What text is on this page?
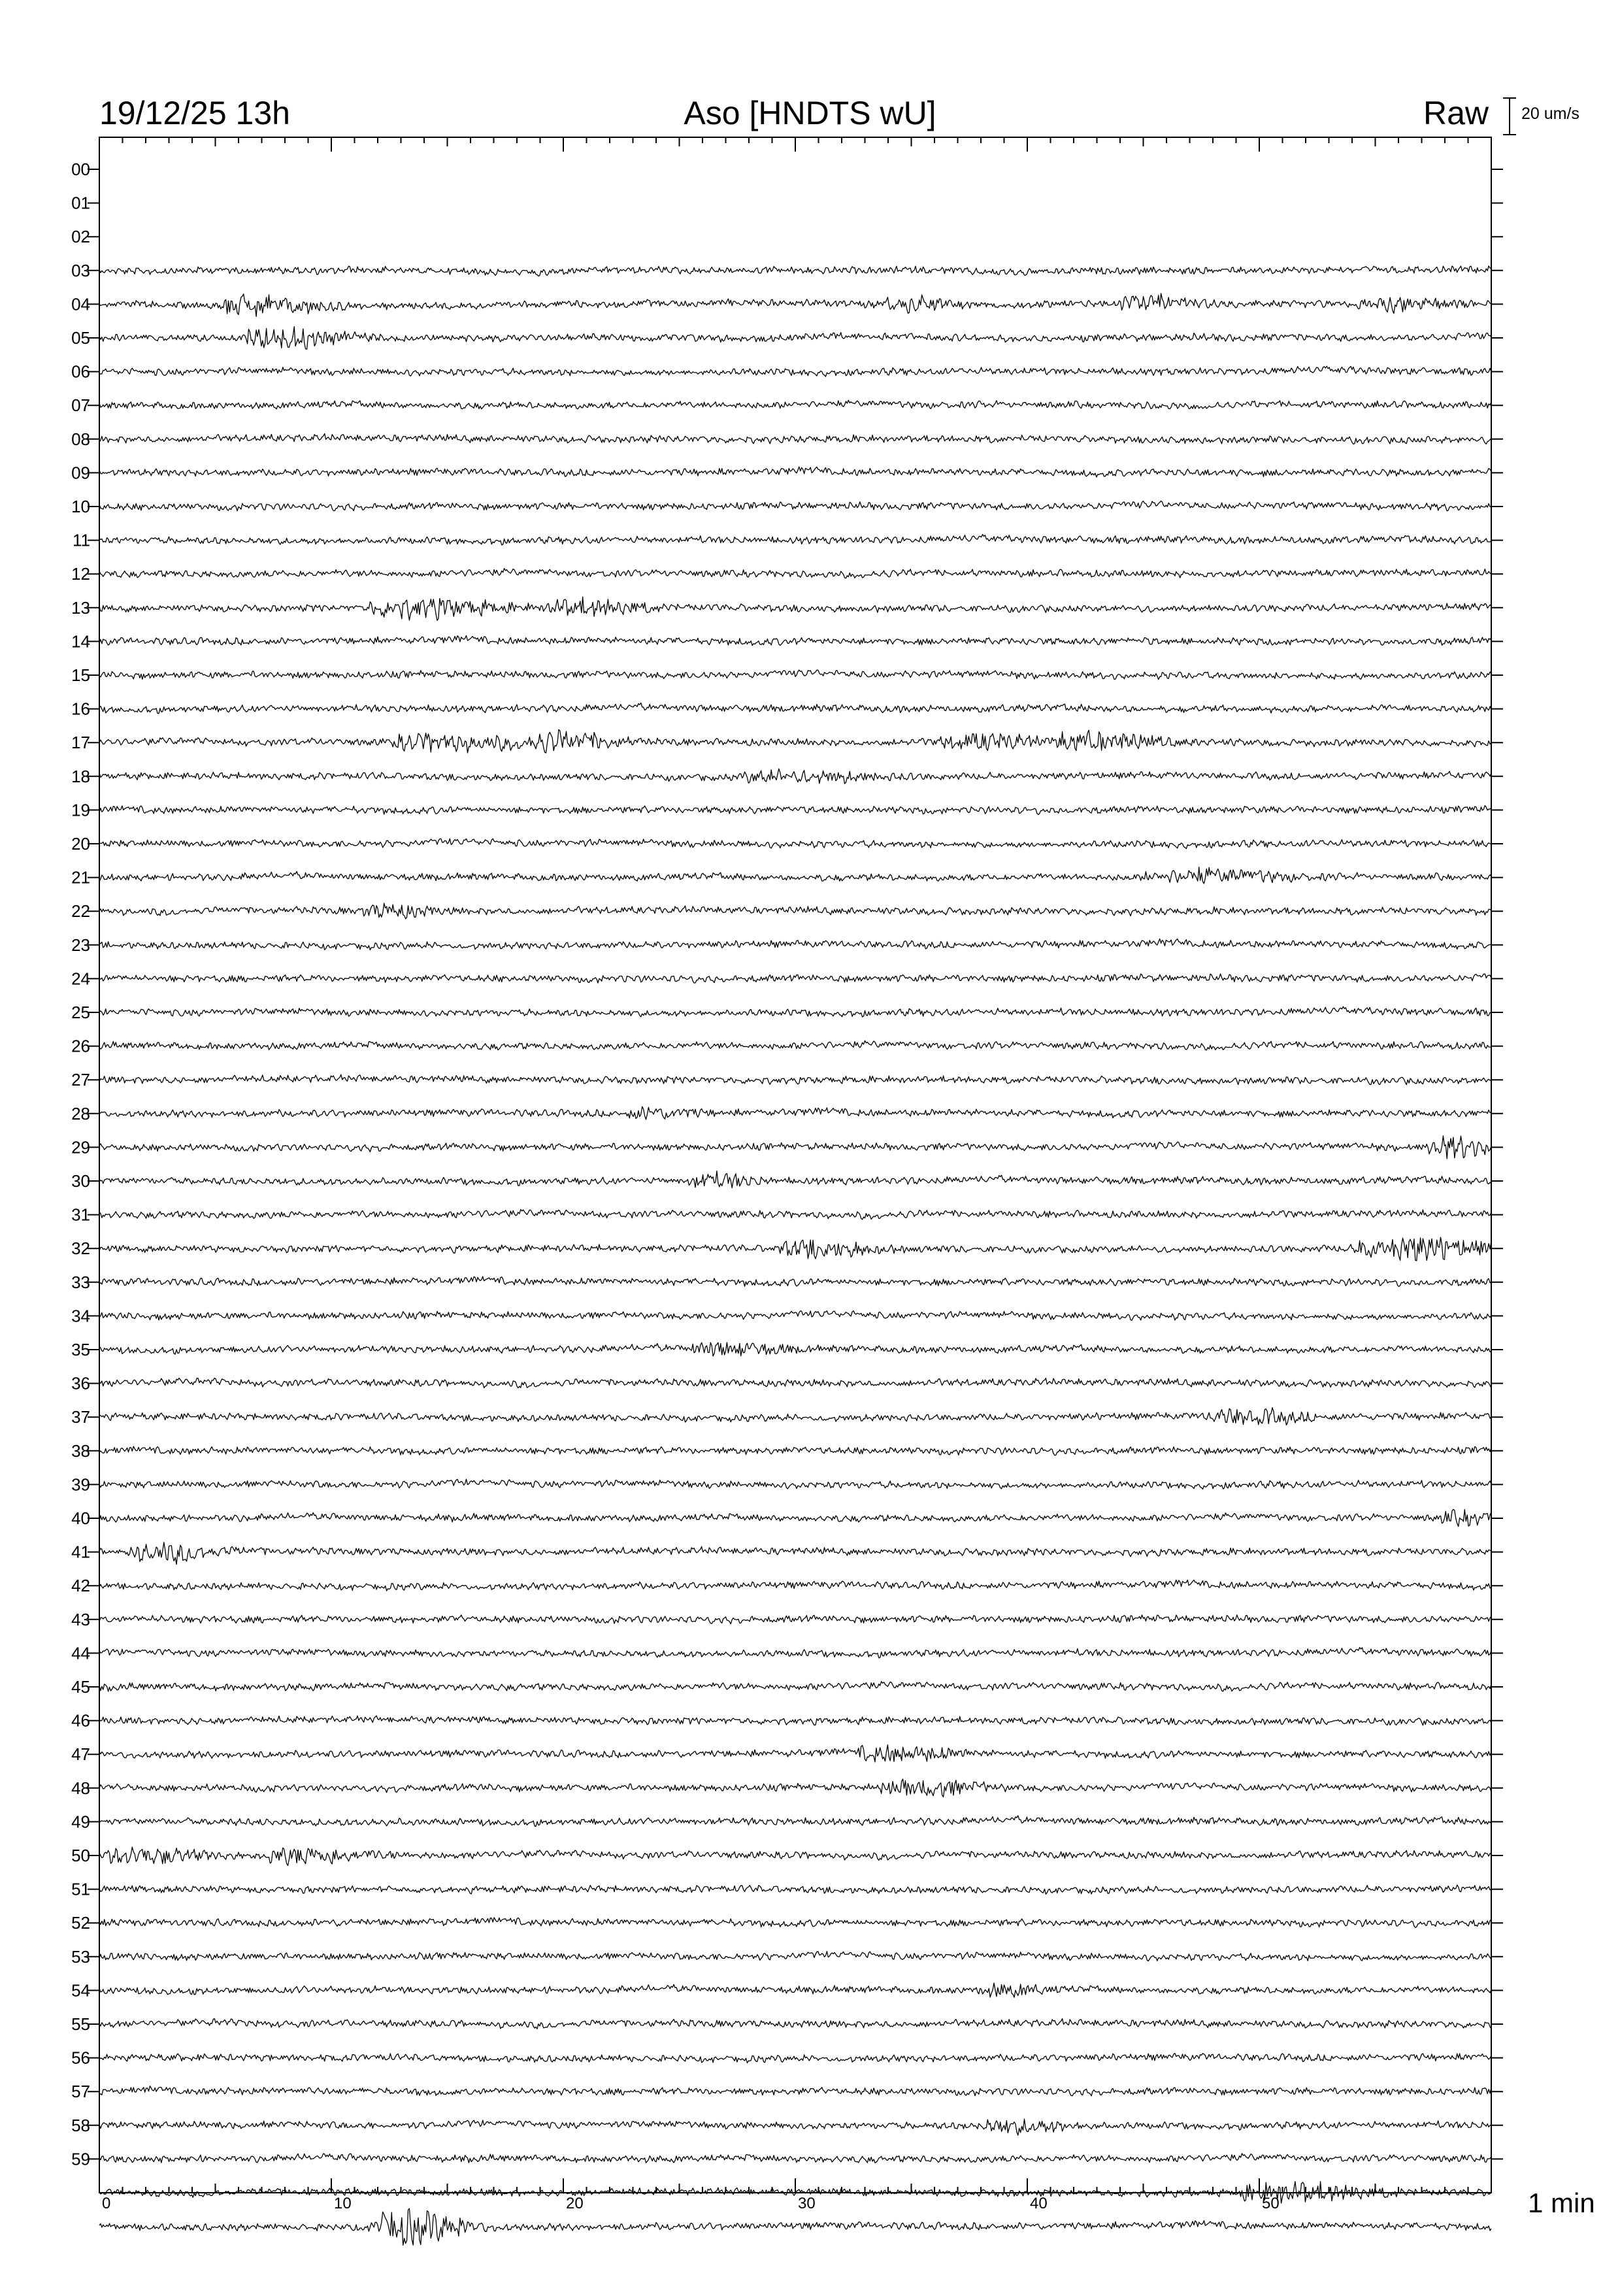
0	10	20	30	40	50
00
01
02
03
04
05
06
07
08
09
10
11
12
13
14
15
16
17
18
19
20
21
22
23
24
25
26
27
28
29
30
31
32
33
34
35
36
37
38
39
40
41
42
43
44
45
46
47
48
49
50
51
52
53
54
55
56
57
58
59
19/12/25 13h	Aso [HNDTS wU]	Raw 20 um/s
1 min
